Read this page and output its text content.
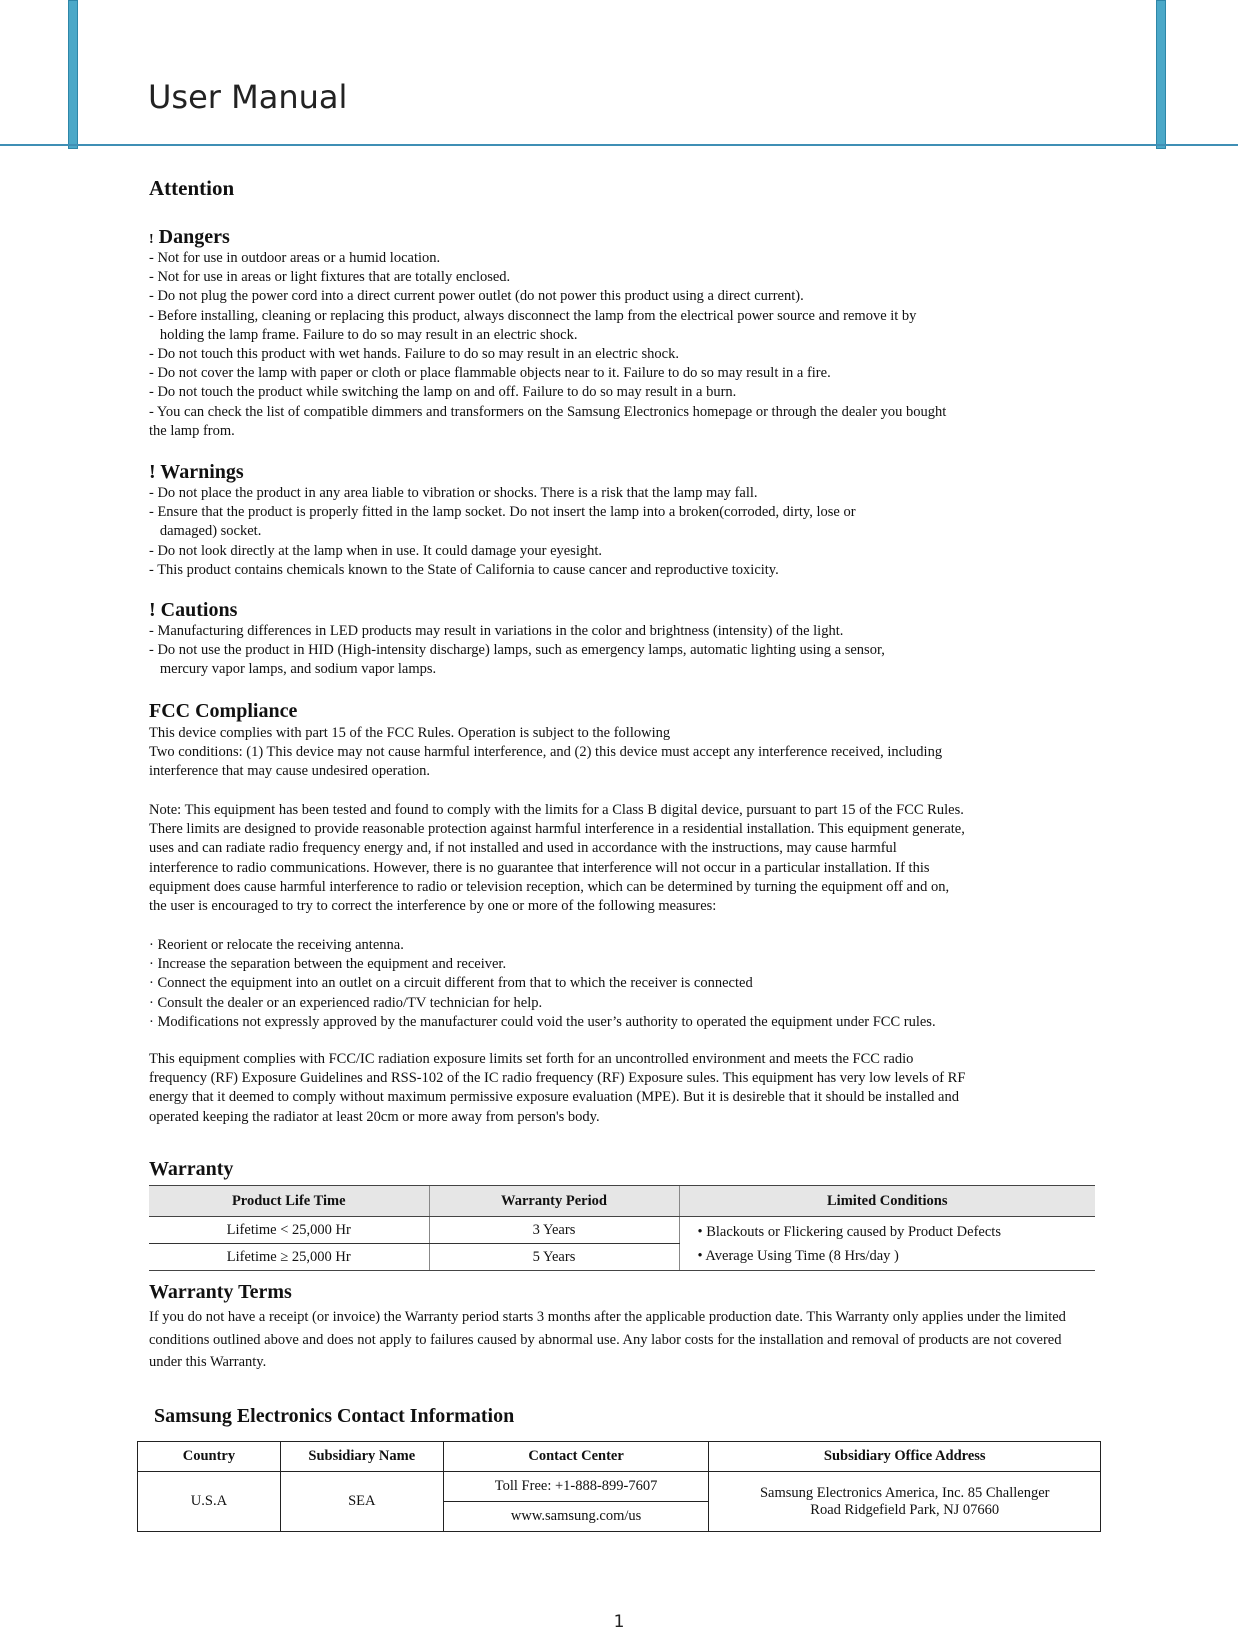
User Manual
Attention
! Dangers
- Not for use in outdoor areas or a humid location.
- Not for use in areas or light fixtures that are totally enclosed.
- Do not plug the power cord into a direct current power outlet (do not power this product using a direct current).
- Before installing, cleaning or replacing this product, always disconnect the lamp from the electrical power source and remove it by
holding the lamp frame. Failure to do so may result in an electric shock.
- Do not touch this product with wet hands. Failure to do so may result in an electric shock.
- Do not cover the lamp with paper or cloth or place flammable objects near to it. Failure to do so may result in a fire.
- Do not touch the product while switching the lamp on and off. Failure to do so may result in a burn.
- You can check the list of compatible dimmers and transformers on the Samsung Electronics homepage or through the dealer you bought
the lamp from.
! Warnings
- Do not place the product in any area liable to vibration or shocks. There is a risk that the lamp may fall.
- Ensure that the product is properly fitted in the lamp socket. Do not insert the lamp into a broken(corroded, dirty, lose or
damaged) socket.
- Do not look directly at the lamp when in use. It could damage your eyesight.
- This product contains chemicals known to the State of California to cause cancer and reproductive toxicity.
! Cautions
- Manufacturing differences in LED products may result in variations in the color and brightness (intensity) of the light.
- Do not use the product in HID (High-intensity discharge) lamps, such as emergency lamps, automatic lighting using a sensor,
mercury vapor lamps, and sodium vapor lamps.
FCC Compliance
This device complies with part 15 of the FCC Rules. Operation is subject to the following
Two conditions: (1) This device may not cause harmful interference, and (2) this device must accept any interference received, including
interference that may cause undesired operation.
Note: This equipment has been tested and found to comply with the limits for a Class B digital device, pursuant to part 15 of the FCC Rules.
There limits are designed to provide reasonable protection against harmful interference in a residential installation. This equipment generate,
uses and can radiate radio frequency energy and, if not installed and used in accordance with the instructions, may cause harmful
interference to radio communications. However, there is no guarantee that interference will not occur in a particular installation. If this
equipment does cause harmful interference to radio or television reception, which can be determined by turning the equipment off and on,
the user is encouraged to try to correct the interference by one or more of the following measures:
· Reorient or relocate the receiving antenna.
· Increase the separation between the equipment and receiver.
· Connect the equipment into an outlet on a circuit different from that to which the receiver is connected
· Consult the dealer or an experienced radio/TV technician for help.
· Modifications not expressly approved by the manufacturer could void the user’s authority to operated the equipment under FCC rules.
This equipment complies with FCC/IC radiation exposure limits set forth for an uncontrolled environment and meets the FCC radio
frequency (RF) Exposure Guidelines and RSS-102 of the IC radio frequency (RF) Exposure sules. This equipment has very low levels of RF
energy that it deemed to comply without maximum permissive exposure evaluation (MPE). But it is desireble that it should be installed and
operated keeping the radiator at least 20cm or more away from person's body.
Warranty
Warranty Terms
If you do not have a receipt (or invoice) the Warranty period starts 3 months after the applicable production date. This Warranty only applies under the limited conditions outlined above and does not apply to failures caused by abnormal use. Any labor costs for the installation and removal of products are not covered under this Warranty.
Samsung Electronics Contact Information
Product Life Time	Warranty Period	Limited Conditions
Lifetime < 25,000 Hr	3 Years	• Blackouts or Flickering caused by Product Defects
• Average Using Time (8 Hrs/day )

Lifetime ≥ 25,000 Hr	5 Years	
Country	Subsidiary Name	Contact Center	Subsidiary Office Address
U.S.A	SEA	Toll Free: +1-888-899-7607	Samsung Electronics America, Inc. 85 Challenger
Road Ridgefield Park, NJ 07660

		www.samsung.com/us	
1
